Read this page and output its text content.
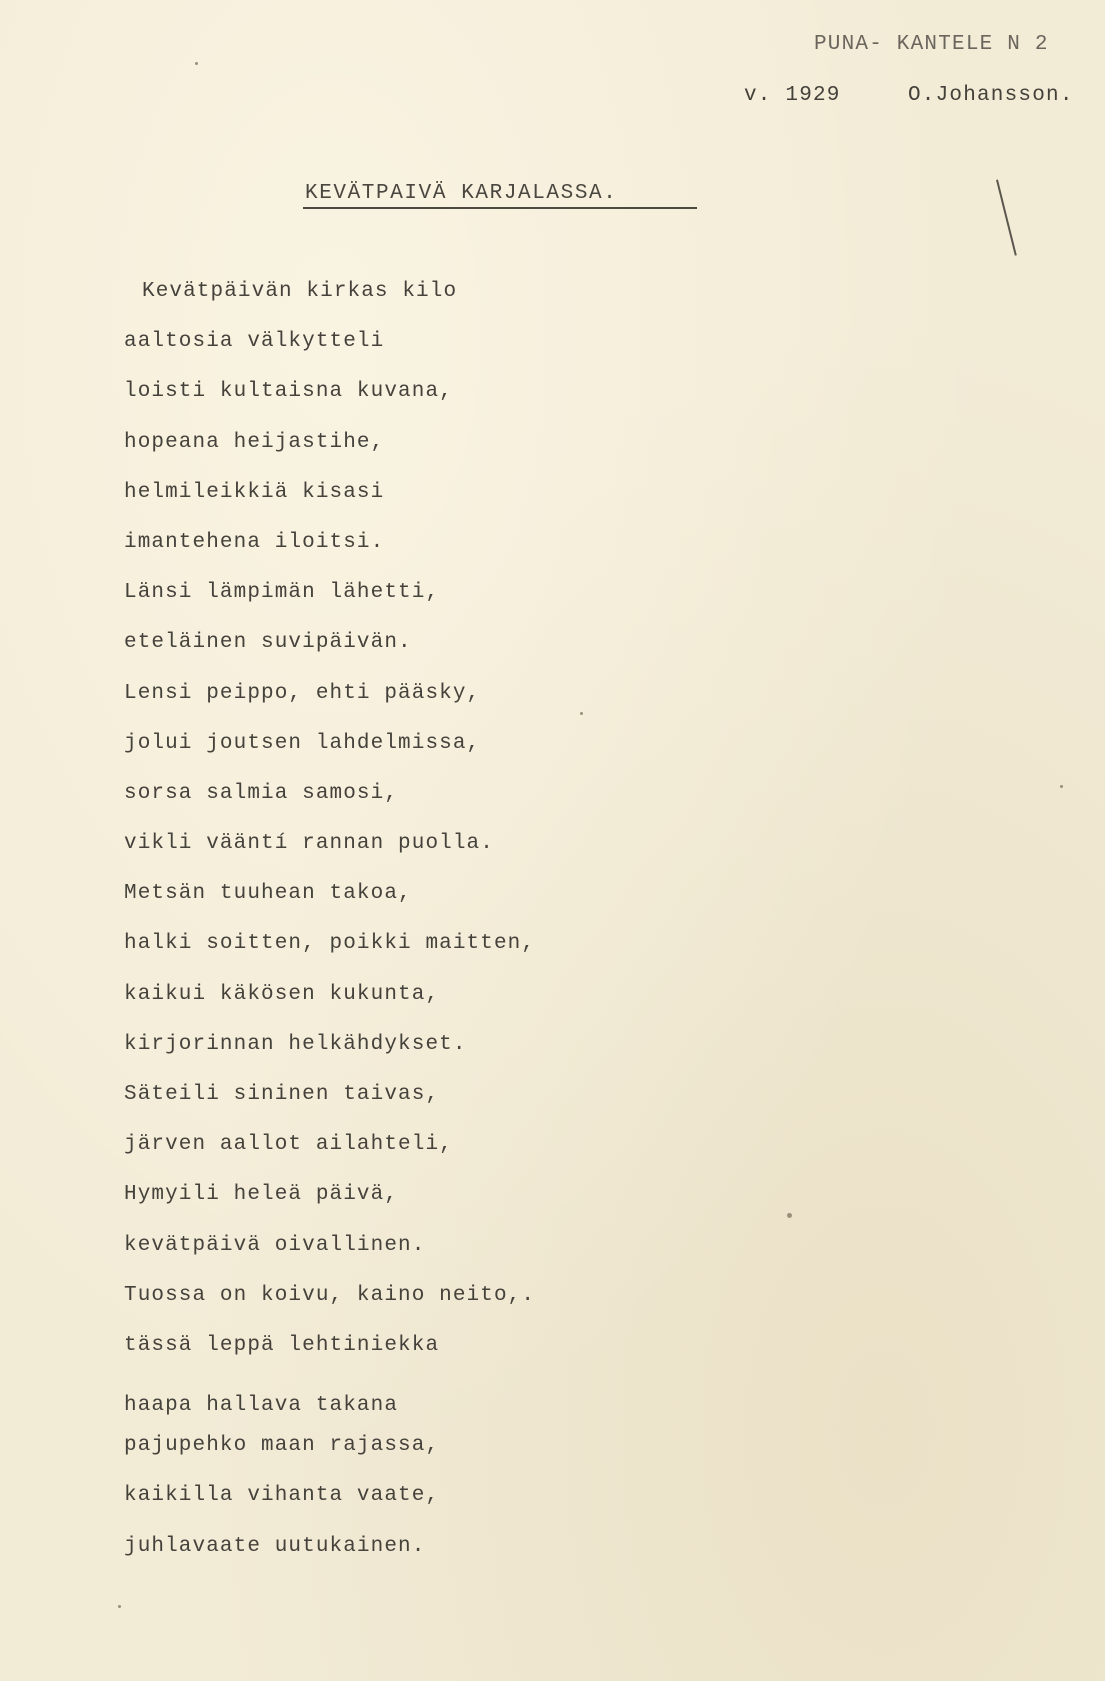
PUNA- KANTELE N 2
v. 1929	O.Johansson.
KEVÄTPAIVÄ KARJALASSA.
Kevätpäivän kirkas kilo
aaltosia välkytteli
loisti kultaisna kuvana,
hopeana heijastihe,
helmileikkiä kisasi
imantehena iloitsi.
Länsi lämpimän lähetti,
eteläinen suvipäivän.
Lensi peippo, ehti pääsky,
jolui joutsen lahdelmissa,
sorsa salmia samosi,
vikli vääntí rannan puolla.
Metsän tuuhean takoa,
halki soitten, poikki maitten,
kaikui käkösen kukunta,
kirjorinnan helkähdykset.
Säteili sininen taivas,
järven aallot ailahteli,
Hymyili helеä päivä,
kevätpäivä oivallinen.
Tuossa on koivu, kaino neito,.
tässä leppä lehtiniekka
haapa hallava takana
pajupehko maan rajassa,
kaikilla vihanta vaate,
juhlavaate uutukainen.
